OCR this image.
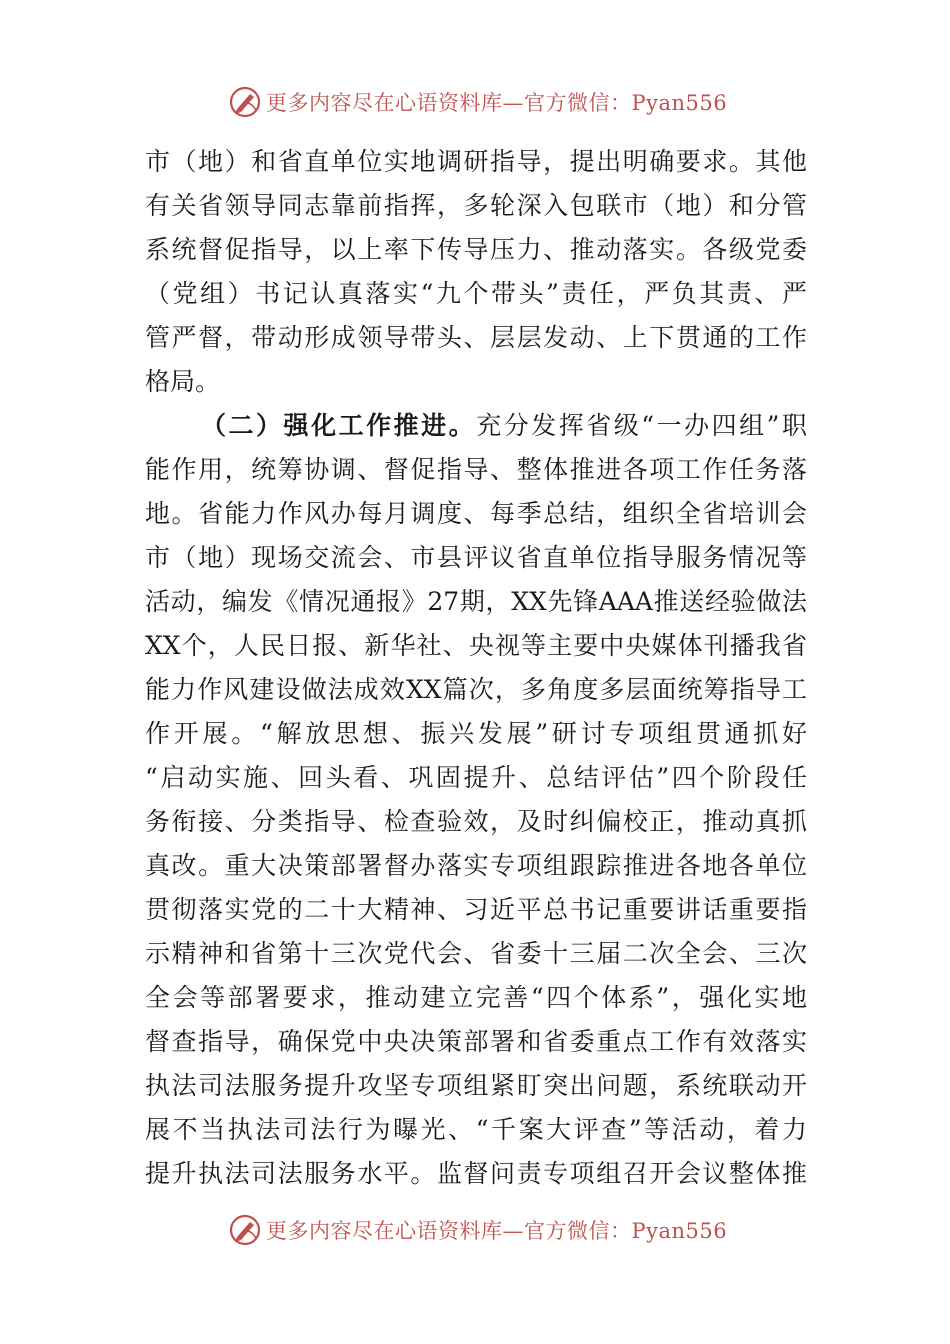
更多内容尽在心语资料库—官方微信：Pyan556
市（地）和省直单位实地调研指导，提出明确要求。其他
有关省领导同志靠前指挥，多轮深入包联市（地）和分管
系统督促指导，以上率下传导压力、推动落实。各级党委
（党组）书记认真落实“九个带头”责任，严负其责、严
管严督，带动形成领导带头、层层发动、上下贯通的工作
格局。
（二）强化工作推进。充分发挥省级“一办四组”职
能作用，统筹协调、督促指导、整体推进各项工作任务落
地。省能力作风办每月调度、每季总结，组织全省培训会
市（地）现场交流会、市县评议省直单位指导服务情况等
活动，编发《情况通报》27期，XX先锋AAA推送经验做法
XX个，人民日报、新华社、央视等主要中央媒体刊播我省
能力作风建设做法成效XX篇次，多角度多层面统筹指导工
作开展。“解放思想、振兴发展”研讨专项组贯通抓好
“启动实施、回头看、巩固提升、总结评估”四个阶段任
务衔接、分类指导、检查验效，及时纠偏校正，推动真抓
真改。重大决策部署督办落实专项组跟踪推进各地各单位
贯彻落实党的二十大精神、习近平总书记重要讲话重要指
示精神和省第十三次党代会、省委十三届二次全会、三次
全会等部署要求，推动建立完善“四个体系”，强化实地
督查指导，确保党中央决策部署和省委重点工作有效落实
执法司法服务提升攻坚专项组紧盯突出问题，系统联动开
展不当执法司法行为曝光、“千案大评查”等活动，着力
提升执法司法服务水平。监督问责专项组召开会议整体推
更多内容尽在心语资料库—官方微信：Pyan556
